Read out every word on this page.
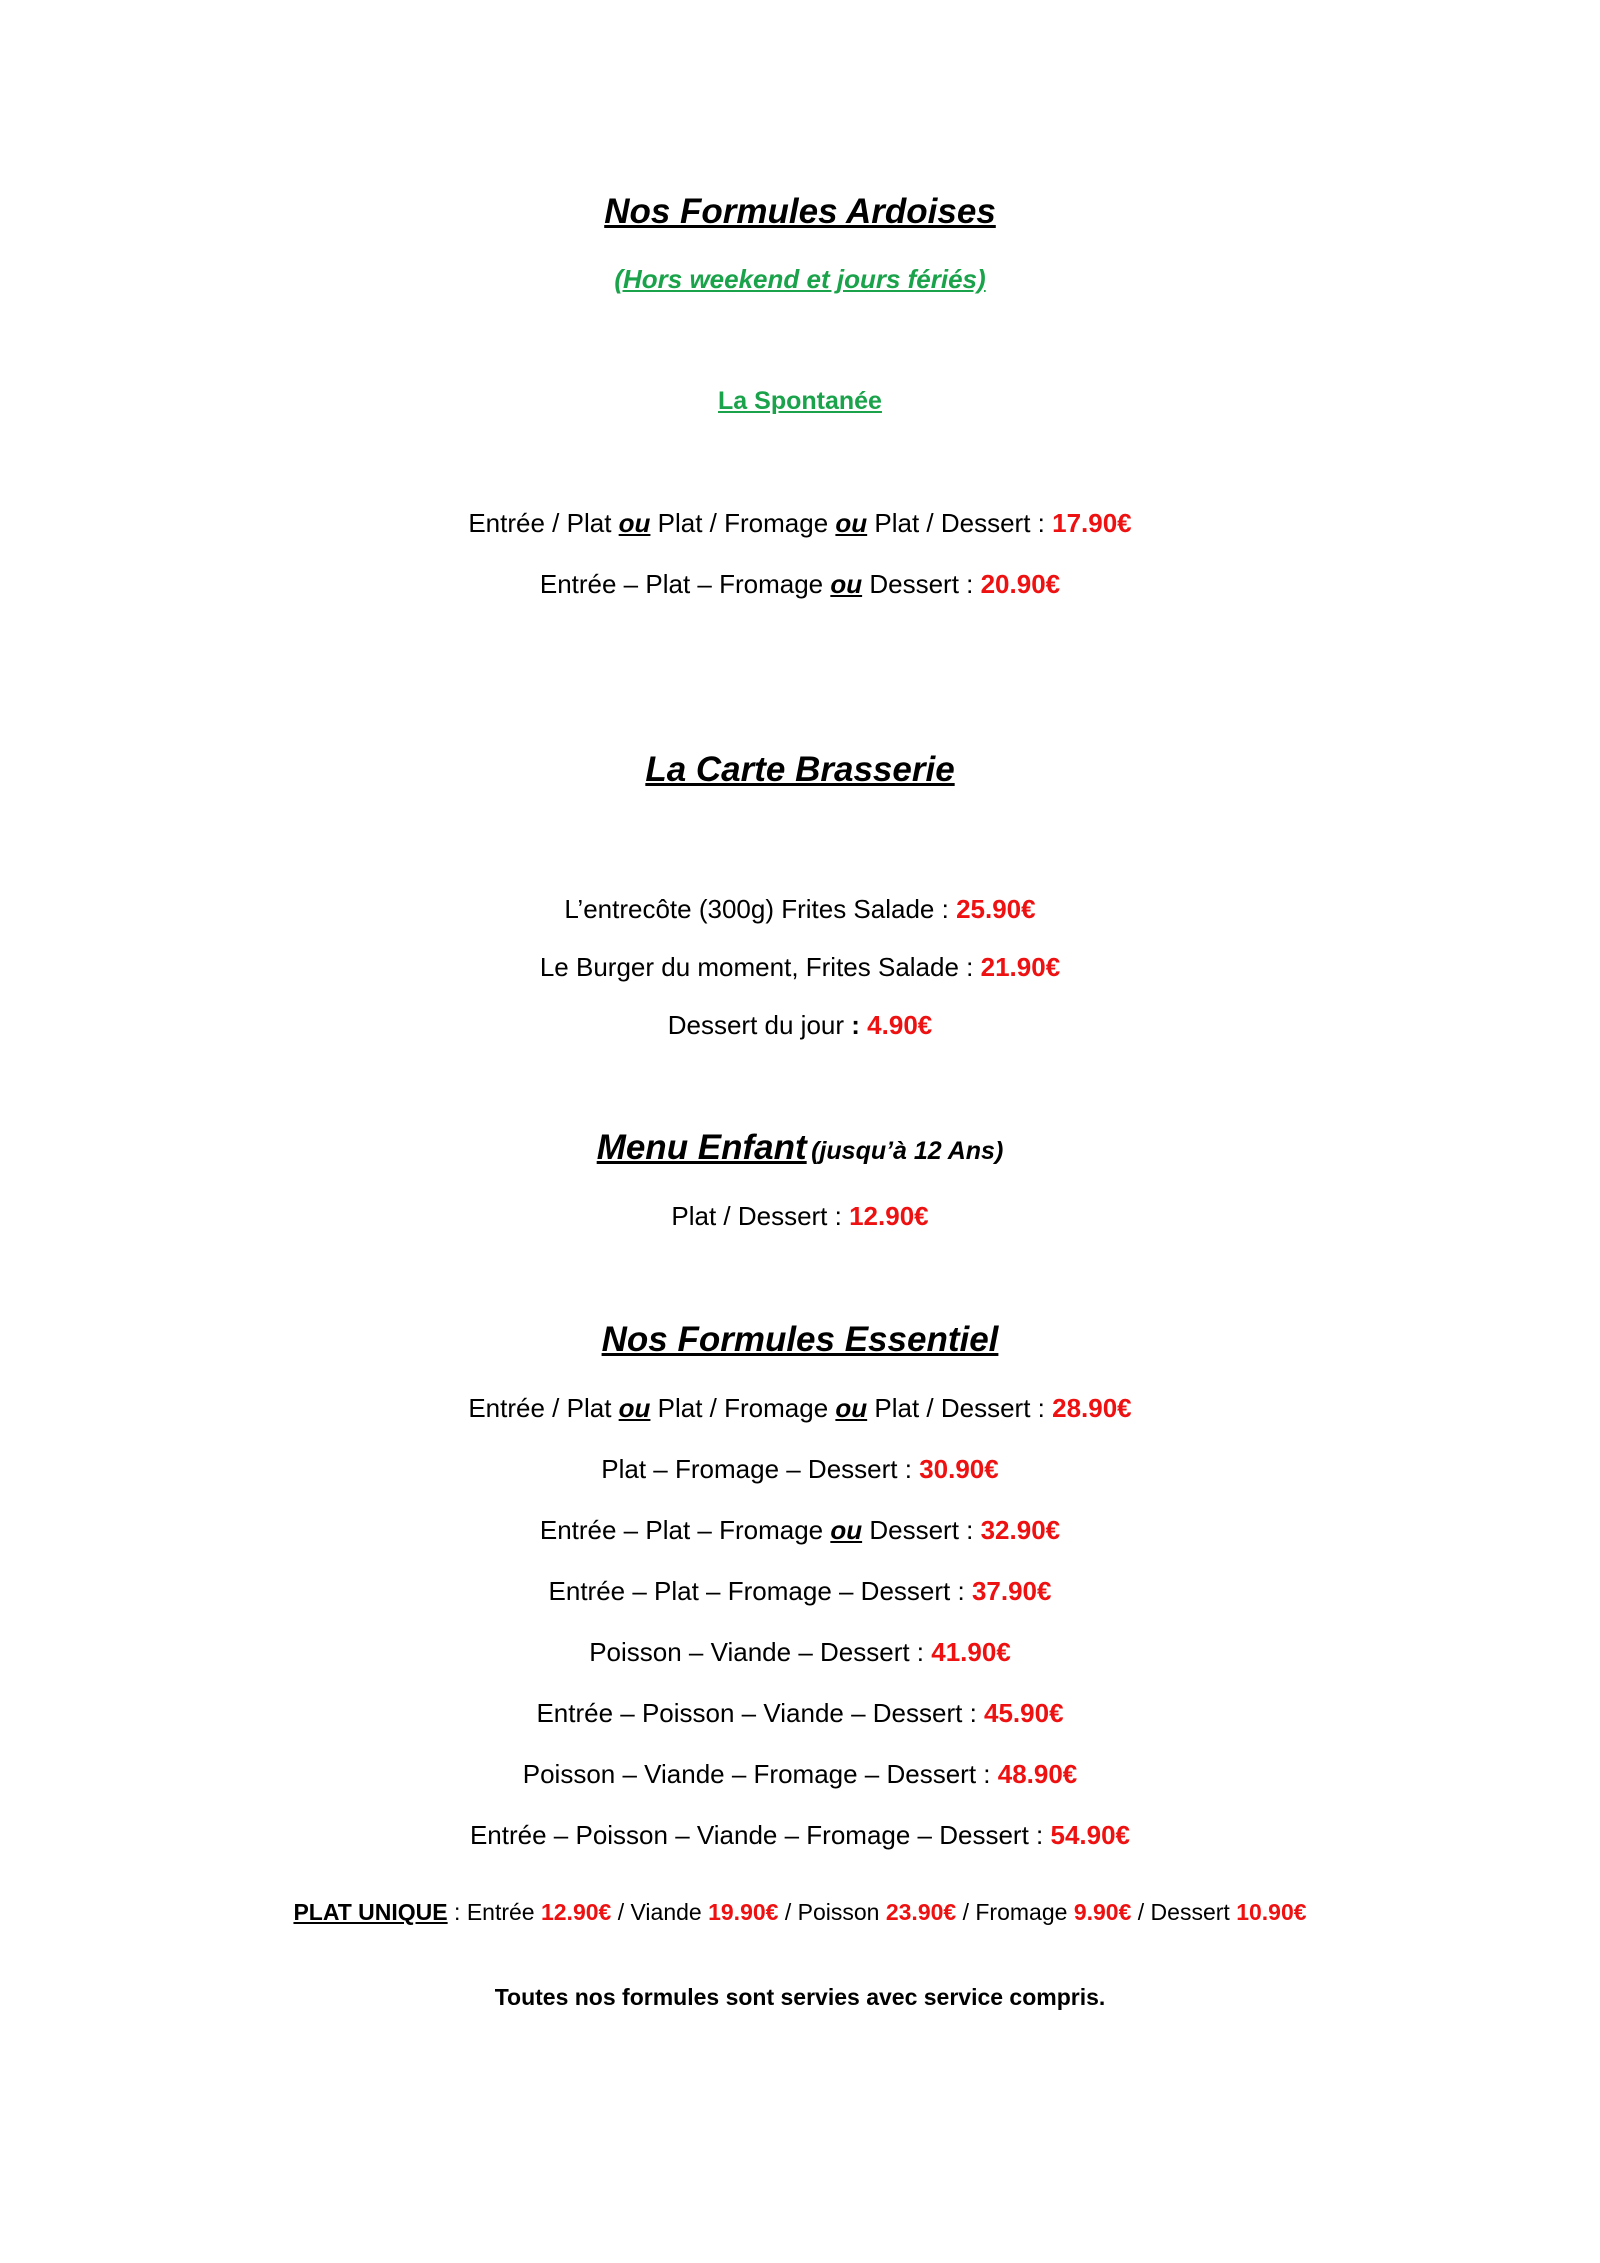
Nos Formules Ardoises
(Hors weekend et jours fériés)
La Spontanée
Entrée / Plat ou Plat / Fromage ou Plat / Dessert : 17.90€
Entrée – Plat – Fromage ou Dessert : 20.90€
La Carte Brasserie
L’entrecôte (300g) Frites Salade : 25.90€
Le Burger du moment, Frites Salade : 21.90€
Dessert du jour : 4.90€
Menu Enfant (jusqu’à 12 Ans)
Plat / Dessert : 12.90€
Nos Formules Essentiel
Entrée / Plat ou Plat / Fromage ou Plat / Dessert : 28.90€
Plat – Fromage – Dessert : 30.90€
Entrée – Plat – Fromage ou Dessert : 32.90€
Entrée – Plat – Fromage – Dessert : 37.90€
Poisson – Viande – Dessert : 41.90€
Entrée – Poisson – Viande – Dessert : 45.90€
Poisson – Viande – Fromage – Dessert : 48.90€
Entrée – Poisson – Viande – Fromage – Dessert : 54.90€
PLAT UNIQUE : Entrée 12.90€ / Viande 19.90€ / Poisson 23.90€ / Fromage 9.90€ / Dessert 10.90€
Toutes nos formules sont servies avec service compris.
